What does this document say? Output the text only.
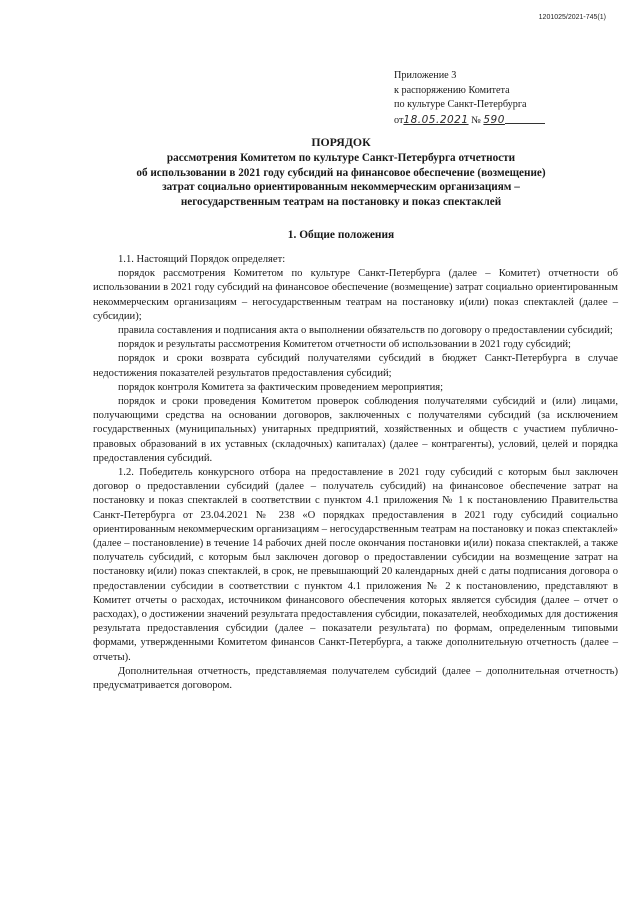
1201025/2021-745(1)
Приложение 3
к распоряжению Комитета
по культуре Санкт-Петербурга
от18.05.2021 № 590
ПОРЯДОК
рассмотрения Комитетом по культуре Санкт-Петербурга отчетности
об использовании в 2021 году субсидий на финансовое обеспечение (возмещение)
затрат социально ориентированным некоммерческим организациям –
негосударственным театрам на постановку и показ спектаклей
1. Общие положения

1.1. Настоящий Порядок определяет:

порядок рассмотрения Комитетом по культуре Санкт-Петербурга (далее – Комитет) отчетности об использовании в 2021 году субсидий на финансовое обеспечение (возмещение) затрат социально ориентированным некоммерческим организациям – негосударственным театрам на постановку и(или) показ спектаклей (далее – субсидии);

правила составления и подписания акта о выполнении обязательств по договору о предоставлении субсидий;

порядок и результаты рассмотрения Комитетом отчетности об использовании в 2021 году субсидий;

порядок и сроки возврата субсидий получателями субсидий в бюджет Санкт-Петербурга в случае недостижения показателей результатов предоставления субсидий;

порядок контроля Комитета за фактическим проведением мероприятия;

порядок и сроки проведения Комитетом проверок соблюдения получателями субсидий и (или) лицами, получающими средства на основании договоров, заключенных с получателями субсидий (за исключением государственных (муниципальных) унитарных предприятий, хозяйственных и обществ с участием публично-правовых образований в их уставных (складочных) капиталах) (далее – контрагенты), условий, целей и порядка предоставления субсидий.

1.2. Победитель конкурсного отбора на предоставление в 2021 году субсидий с которым был заключен договор о предоставлении субсидий (далее – получатель субсидий) на финансовое обеспечение затрат на постановку и показ спектаклей в соответствии с пунктом 4.1 приложения № 1 к постановлению Правительства Санкт-Петербурга от 23.04.2021 № 238 «О порядках предоставления в 2021 году субсидий социально ориентированным некоммерческим организациям – негосударственным театрам на постановку и показ спектаклей» (далее – постановление) в течение 14 рабочих дней после окончания постановки и(или) показа спектаклей, а также получатель субсидий, с которым был заключен договор о предоставлении субсидии на возмещение затрат на постановку и(или) показ спектаклей, в срок, не превышающий 20 календарных дней с даты подписания договора о предоставлении субсидии в соответствии с пунктом 4.1 приложения № 2 к постановлению, представляют в Комитет отчеты о расходах, источником финансового обеспечения которых является субсидия (далее – отчет о расходах), о достижении значений результата предоставления субсидии, показателей, необходимых для достижения результата предоставления субсидии (далее – показатели результата) по формам, определенным типовыми формами, утвержденными Комитетом финансов Санкт-Петербурга, а также дополнительную отчетность (далее – отчеты).

Дополнительная отчетность, представляемая получателем субсидий (далее – дополнительная отчетность) предусматривается договором.
